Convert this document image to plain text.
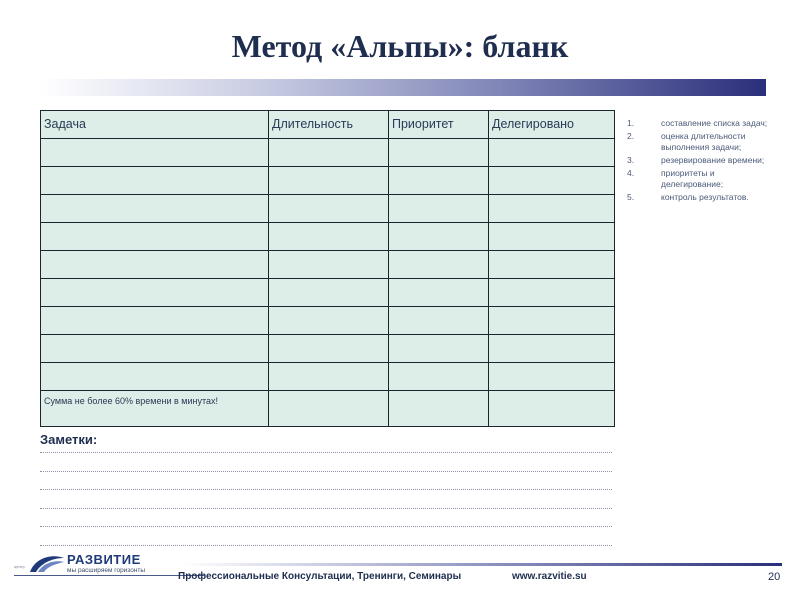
Метод «Альпы»: бланк
Задача	Длительность	Приоритет	Делегировано

Сумма не более 60% времени в минутах!			
1.	составление списка задач;
2.	оценка длительности выполнения задачи;
3.	резервирование времени;
4.	приоритеты и делегирование;
5.	контроль результатов.
Заметки:
центр	РАЗВИТИЕ
мы расширяем горизонты
Профессиональные Консультации, Тренинги, Семинары	www.razvitie.su	20
